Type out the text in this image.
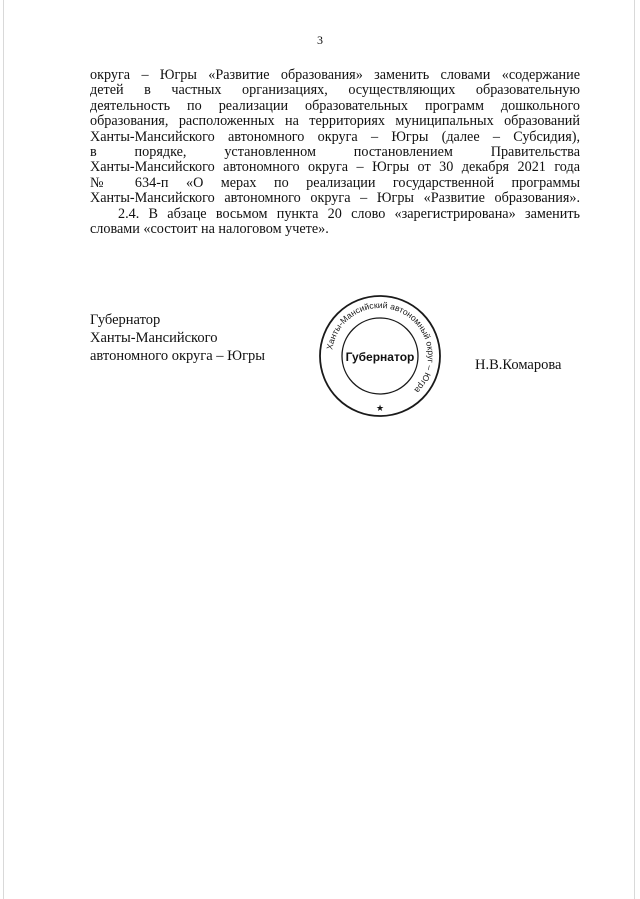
3
округа – Югры «Развитие образования» заменить словами «содержание
детей в частных организациях, осуществляющих образовательную
деятельность по реализации образовательных программ дошкольного
образования, расположенных на территориях муниципальных образований
Ханты-Мансийского автономного округа – Югры (далее – Субсидия),
в порядке, установленном постановлением Правительства
Ханты-Мансийского автономного округа – Югры от 30 декабря 2021 года
№ 634-п «О мерах по реализации государственной программы
Ханты-Мансийского автономного округа – Югры «Развитие образования».
2.4. В абзаце восьмом пункта 20 слово «зарегистрирована» заменить
словами «состоит на налоговом учете».
Губернатор
Ханты-Мансийского
автономного округа – Югры
Ханты-Мансийский автономный округ – Югра
Губернатор
★
Н.В.Комарова
